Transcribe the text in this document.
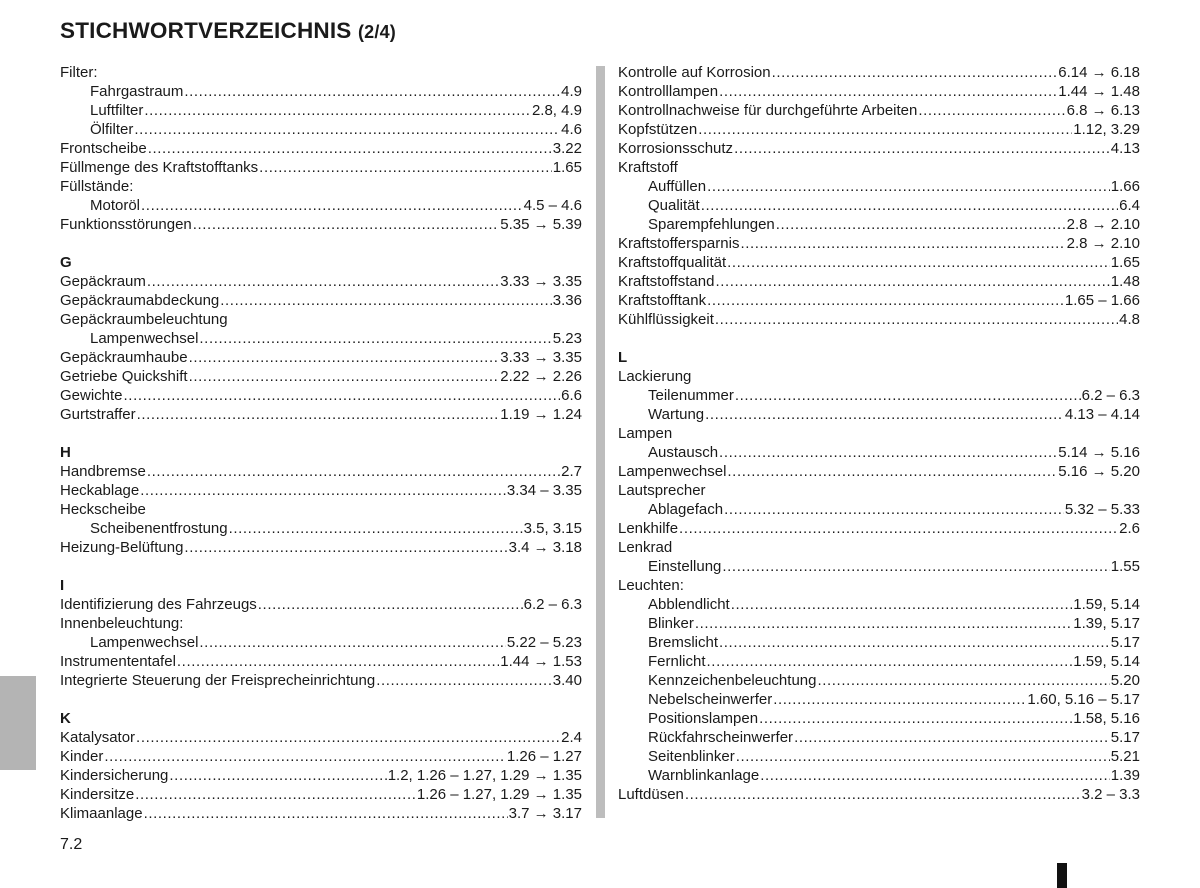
STICHWORTVERZEICHNIS (2/4)
Filter:
Fahrgastraum .....	4.9
Luftfilter .....	2.8, 4.9
Ölfilter .....	4.6
Frontscheibe .....	3.22
Füllmenge des Kraftstofftanks .....	1.65
Füllstände:
Motoröl .....	4.5 – 4.6
Funktionsstörungen .....	5.35 → 5.39
G
Gepäckraum .....	3.33 → 3.35
Gepäckraumabdeckung .....	3.36
Gepäckraumbeleuchtung
Lampenwechsel .....	5.23
Gepäckraumhaube .....	3.33 → 3.35
Getriebe Quickshift .....	2.22 → 2.26
Gewichte .....	6.6
Gurtstraffer .....	1.19 → 1.24
H
Handbremse .....	2.7
Heckablage .....	3.34 – 3.35
Heckscheibe
Scheibenentfrostung .....	3.5, 3.15
Heizung-Belüftung .....	3.4 → 3.18
I
Identifizierung des Fahrzeugs .....	6.2 – 6.3
Innenbeleuchtung:
Lampenwechsel .....	5.22 – 5.23
Instrumententafel .....	1.44 → 1.53
Integrierte Steuerung der Freisprecheinrichtung .....	3.40
K
Katalysator .....	2.4
Kinder .....	1.26 – 1.27
Kindersicherung .....	1.2, 1.26 – 1.27, 1.29 → 1.35
Kindersitze .....	1.26 – 1.27, 1.29 → 1.35
Klimaanlage .....	3.7 → 3.17
Kontrolle auf Korrosion .....	6.14 → 6.18
Kontrolllampen .....	1.44 → 1.48
Kontrollnachweise für durchgeführte Arbeiten .....	6.8 → 6.13
Kopfstützen .....	1.12, 3.29
Korrosionsschutz .....	4.13
Kraftstoff
Auffüllen .....	1.66
Qualität .....	6.4
Sparempfehlungen .....	2.8 → 2.10
Kraftstoffersparnis .....	2.8 → 2.10
Kraftstoffqualität .....	1.65
Kraftstoffstand .....	1.48
Kraftstofftank .....	1.65 – 1.66
Kühlflüssigkeit .....	4.8
L
Lackierung
Teilenummer .....	6.2 – 6.3
Wartung .....	4.13 – 4.14
Lampen
Austausch .....	5.14 → 5.16
Lampenwechsel .....	5.16 → 5.20
Lautsprecher
Ablagefach .....	5.32 – 5.33
Lenkhilfe .....	2.6
Lenkrad
Einstellung .....	1.55
Leuchten:
Abblendlicht .....	1.59, 5.14
Blinker .....	1.39, 5.17
Bremslicht .....	5.17
Fernlicht .....	1.59, 5.14
Kennzeichenbeleuchtung .....	5.20
Nebelscheinwerfer .....	1.60, 5.16 – 5.17
Positionslampen .....	1.58, 5.16
Rückfahrscheinwerfer .....	5.17
Seitenblinker .....	5.21
Warnblinkanlage .....	1.39
Luftdüsen .....	3.2 – 3.3
7.2
